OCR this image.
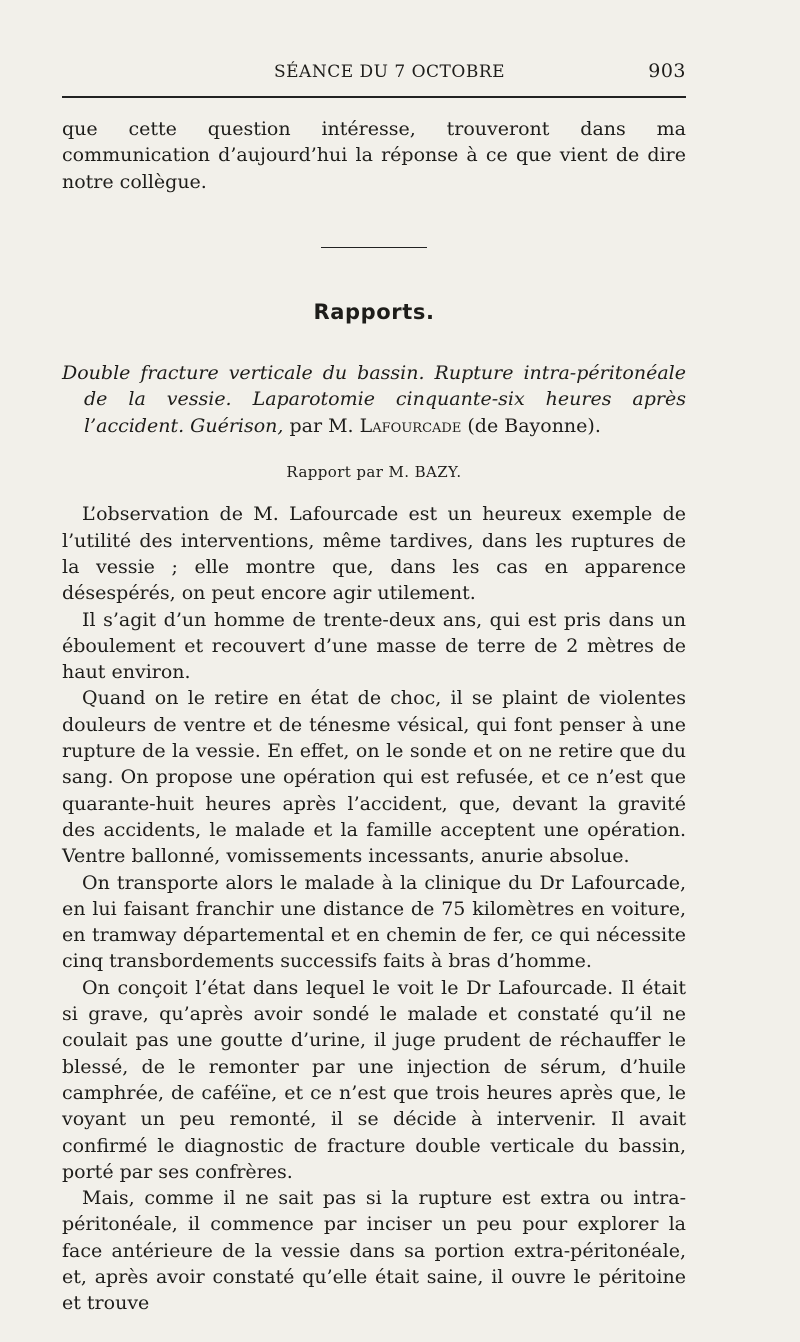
SÉANCE DU 7 OCTOBRE	903

que cette question intéresse, trouveront dans ma communication d’aujourd’hui la réponse à ce que vient de dire notre collègue.

Rapports.
Double fracture verticale du bassin. Rupture intra-péritonéale de la vessie. Laparotomie cinquante-six heures après l’accident. Guérison, par M. Lafourcade (de Bayonne).
Rapport par M. BAZY.

L’observation de M. Lafourcade est un heureux exemple de l’utilité des interventions, même tardives, dans les ruptures de la vessie ; elle montre que, dans les cas en apparence désespérés, on peut encore agir utilement.

Il s’agit d’un homme de trente-deux ans, qui est pris dans un éboulement et recouvert d’une masse de terre de 2 mètres de haut environ.

Quand on le retire en état de choc, il se plaint de violentes douleurs de ventre et de ténesme vésical, qui font penser à une rupture de la vessie. En effet, on le sonde et on ne retire que du sang. On propose une opération qui est refusée, et ce n’est que quarante-huit heures après l’accident, que, devant la gravité des accidents, le malade et la famille acceptent une opération. Ventre ballonné, vomissements incessants, anurie absolue.

On transporte alors le malade à la clinique du Dr Lafourcade, en lui faisant franchir une distance de 75 kilomètres en voiture, en tramway départemental et en chemin de fer, ce qui nécessite cinq transbordements successifs faits à bras d’homme.

On conçoit l’état dans lequel le voit le Dr Lafourcade. Il était si grave, qu’après avoir sondé le malade et constaté qu’il ne coulait pas une goutte d’urine, il juge prudent de réchauffer le blessé, de le remonter par une injection de sérum, d’huile camphrée, de caféïne, et ce n’est que trois heures après que, le voyant un peu remonté, il se décide à intervenir. Il avait confirmé le diagnostic de fracture double verticale du bassin, porté par ses confrères.

Mais, comme il ne sait pas si la rupture est extra ou intra-péritonéale, il commence par inciser un peu pour explorer la face antérieure de la vessie dans sa portion extra-péritonéale, et, après avoir constaté qu’elle était saine, il ouvre le péritoine et trouve
